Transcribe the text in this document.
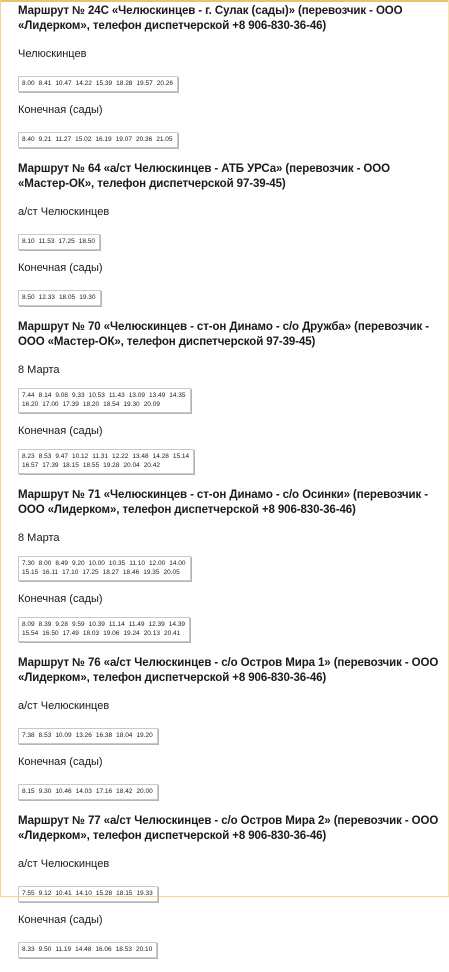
Маршрут № 24С «Челюскинцев - г. Сулак (сады)» (перевозчик - ООО «Лидерком», телефон диспетчерской +8 906-830-36-46)
Челюскинцев
8.00 8.41 10.47 14.22 15.39 18.28 19.57 20.26
Конечная (сады)
8.40 9.21 11.27 15.02 16.19 19.07 20.36 21.05
Маршрут № 64 «а/ст Челюскинцев - АТБ УРСа» (перевозчик - ООО «Мастер-ОК», телефон диспетчерской 97-39-45)
а/ст Челюскинцев
8.10 11.53 17.25 18.50
Конечная (сады)
8.50 12.33 18.05 19.30
Маршрут № 70 «Челюскинцев - ст-он Динамо - с/о Дружба» (перевозчик - ООО «Мастер-ОК», телефон диспетчерской 97-39-45)
8 Марта
7.44 8.14 9.08 9.33 10.53 11.43 13.09 13.49 14.35
16.20 17.00 17.39 18.20 18.54 19.30 20.09
Конечная (сады)
8.23 8.53 9.47 10.12 11.31 12.22 13.48 14.28 15.14
16.57 17.39 18.15 18.55 19.28 20.04 20.42
Маршрут № 71 «Челюскинцев - ст-он Динамо - с/о Осинки» (перевозчик - ООО «Лидерком», телефон диспетчерской +8 906-830-36-46)
8 Марта
7.30 8.00 8.49 9.20 10.00 10.35 11.10 12.00 14.00
15.15 16.11 17.10 17.25 18.27 18.46 19.35 20.05
Конечная (сады)
8.09 8.39 9.28 9.59 10.39 11.14 11.49 12.39 14.39
15.54 16.50 17.49 18.03 19.06 19.24 20.13 20.41
Маршрут № 76 «а/ст Челюскинцев - с/о Остров Мира 1» (перевозчик - ООО «Лидерком», телефон диспетчерской +8 906-830-36-46)
а/ст Челюскинцев
7.38 8.53 10.09 13.26 16.38 18.04 19.20
Конечная (сады)
8.15 9.30 10.46 14.03 17.16 18.42 20.00
Маршрут № 77 «а/ст Челюскинцев - с/о Остров Мира 2» (перевозчик - ООО «Лидерком», телефон диспетчерской +8 906-830-36-46)
а/ст Челюскинцев
7.55 9.12 10.41 14.10 15.28 18.15 19.33
Конечная (сады)
8.33 9.50 11.19 14.48 16.06 18.53 20.10
